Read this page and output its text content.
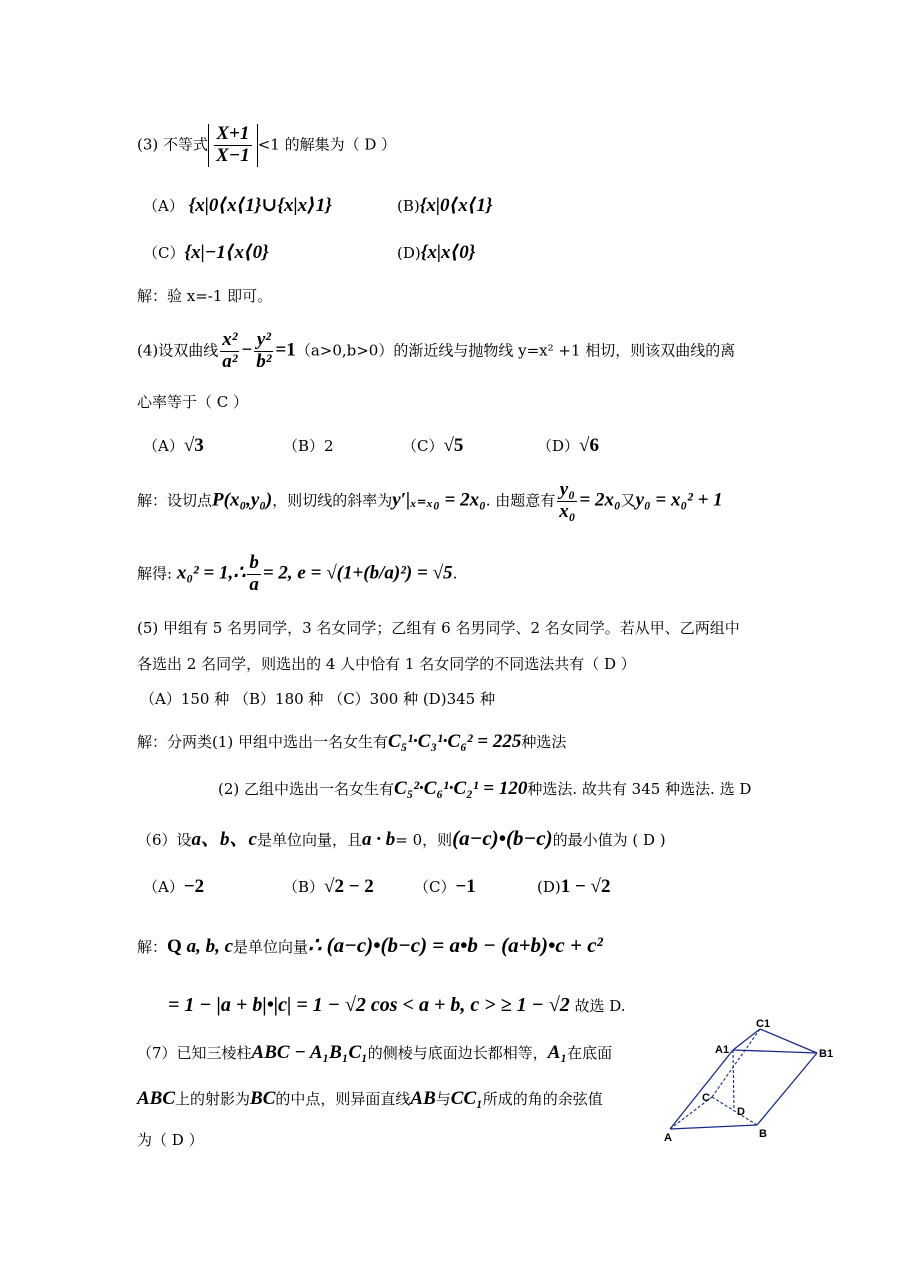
(3) 不等式 $\frac{X+1}{X-1} <1$ 的解集为（ D ）
（A） {x|0⟨x⟨1}∪{x|x⟩1}	(B){x|0⟨x⟨1}
（C）{x|−1⟨x⟨0}	(D){x|x⟨0}
解：验 x=-1 即可。
(4)设双曲线 $\frac{\text{x²}}{\text{a²}} - \frac{\text{y²}}{\text{b²}} =1(a>0,b>0)$的渐近线与抛物线 y=x² +1 相切，则该双曲线的离
心率等于（ C ）
（A）√3	（B）2	（C）√5	（D）√6
解：设切点P(x₀,y₀)，则切线的斜率为y′|ₓ₌ₓ₀ = 2x₀. 由题意有 $\frac{\text{y₀}}{\text{x₀}} = 2x_0$又y₀ = x₀² + 1
解得: x₀² = 1,∴ $\frac{b}{a} = 2$, e = √(1+(b/a)²) = √5.
(5) 甲组有 5 名男同学，3 名女同学；乙组有 6 名男同学、2 名女同学。若从甲、乙两组中
各选出 2 名同学，则选出的 4 人中恰有 1 名女同学的不同选法共有（ D ）
（A）150 种 （B）180 种 （C）300 种 (D)345 种
解：分两类(1) 甲组中选出一名女生有C₅¹·C₃¹·C₆² = 225种选法
(2) 乙组中选出一名女生有C₅²·C₆¹·C₂¹ = 120种选法. 故共有 345 种选法. 选 D
（6）设a、b、c是单位向量，且a · b= 0，则(a−c)•(b−c)的最小值为 ( D )
（A）−2	（B）√2 − 2	（C）−1	(D)1 − √2
解：Q a, b, c是单位向量∴ (a−c)•(b−c) = a•b − (a+b)•c + c²
= 1 − |a + b|•|c| = 1 − √2 cos < a + b, c > ≥ 1 − √2 故选 D.
（7）已知三棱柱ABC − A₁B₁C₁的侧棱与底面边长都相等，A₁在底面
ABC上的射影为BC的中点，则异面直线AB与CC₁所成的角的余弦值
为（ D ）
C1
A1	B1
C
D
A	B
